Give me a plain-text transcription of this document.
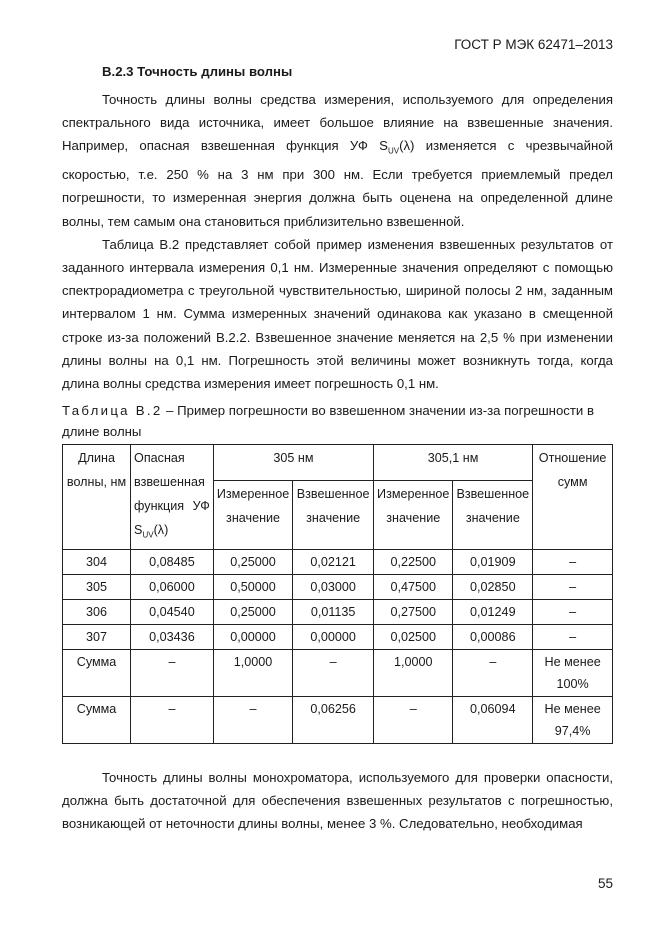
ГОСТ Р МЭК 62471–2013
В.2.3 Точность длины волны

Точность длины волны средства измерения, используемого для определения спектрального вида источника, имеет большое влияние на взвешенные значения. Например, опасная взвешенная функция УФ $S_{UV}(\lambda)$ изменяется с чрезвычайной скоростью, т.е. 250 % на 3 нм при 300 нм. Если требуется приемлемый предел погрешности, то измеренная энергия должна быть оценена на определенной длине волны, тем самым она становиться приблизительно взвешенной.

Таблица В.2 представляет собой пример изменения взвешенных результатов от заданного интервала измерения 0,1 нм. Измеренные значения определяют с помощью спектрорадиометра с треугольной чувствительностью, шириной полосы 2 нм, заданным интервалом 1 нм. Сумма измеренных значений одинакова как указано в смещенной строке из-за положений В.2.2. Взвешенное значение меняется на 2,5 % при изменении длины волны на 0,1 нм. Погрешность этой величины может возникнуть тогда, когда длина волны средства измерения имеет погрешность 0,1 нм.

Таблица В.2 – Пример погрешности во взвешенном значении из-за погрешности в длине волны
Длина волны, нм	Опасная взвешенная функция УФ $S_{UV}(\lambda)$	305 нм		305,1 нм		Отношение сумм
		Измеренное значение	Взвешенное значение	Измеренное значение	Взвешенное значение	
304	0,08485	0,25000	0,02121	0,22500	0,01909	–
305	0,06000	0,50000	0,03000	0,47500	0,02850	–
306	0,04540	0,25000	0,01135	0,27500	0,01249	–
307	0,03436	0,00000	0,00000	0,02500	0,00086	–
Сумма	–	1,0000	–	1,0000	–	Не менее 100%
Сумма	–	–	0,06256	–	0,06094	Не менее 97,4%

Точность длины волны монохроматора, используемого для проверки опасности, должна быть достаточной для обеспечения взвешенных результатов с погрешностью, возникающей от неточности длины волны, менее 3 %. Следовательно, необходимая

55
